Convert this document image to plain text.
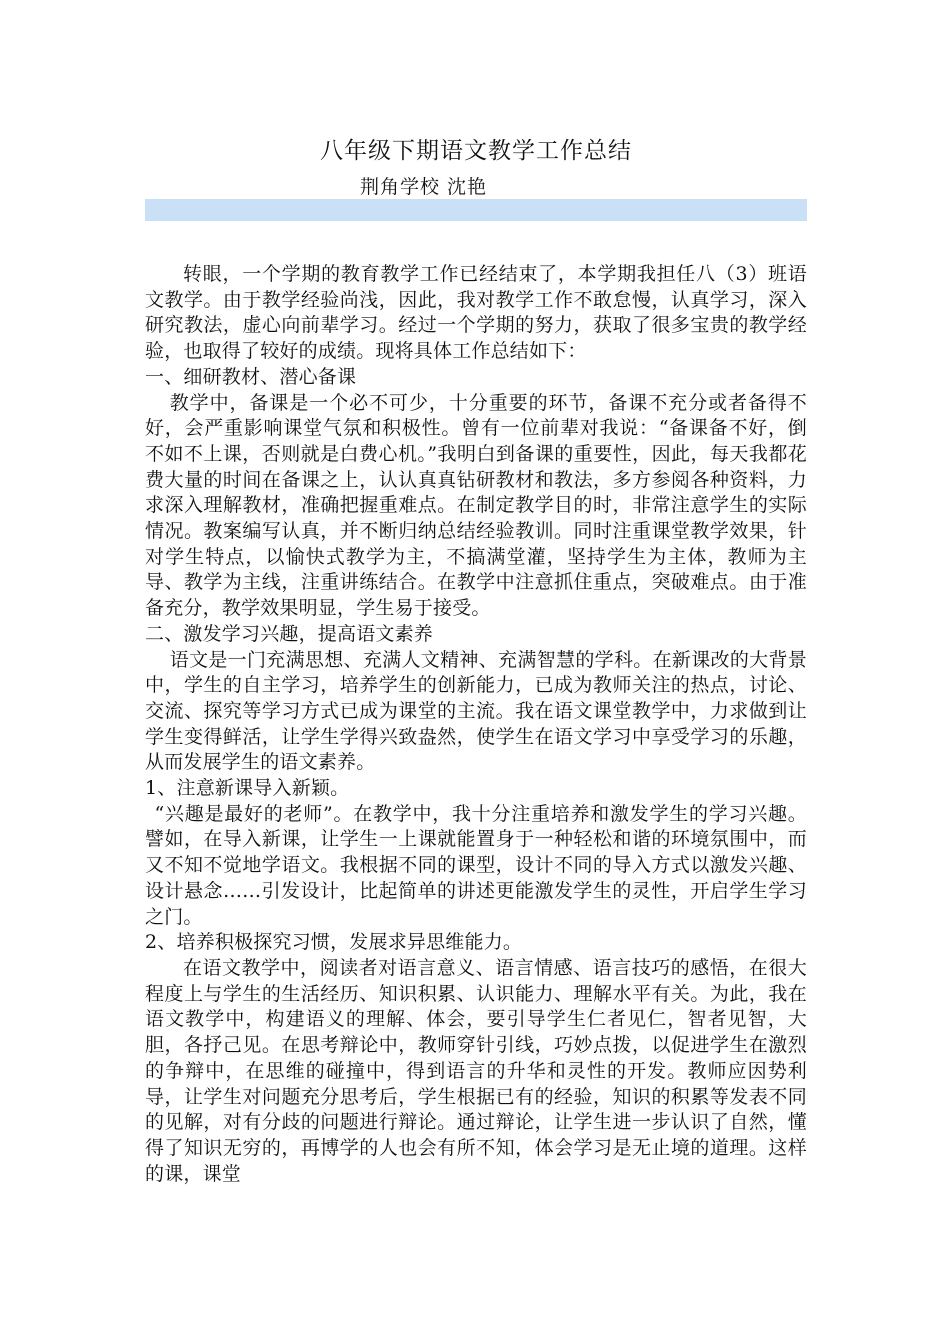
八年级下期语文教学工作总结
荆角学校 沈艳

转眼，一个学期的教育教学工作已经结束了，本学期我担任八（3）班语文教学。由于教学经验尚浅，因此，我对教学工作不敢怠慢，认真学习，深入研究教法，虚心向前辈学习。经过一个学期的努力，获取了很多宝贵的教学经验，也取得了较好的成绩。现将具体工作总结如下：

一、细研教材、潜心备课

教学中，备课是一个必不可少，十分重要的环节，备课不充分或者备得不好，会严重影响课堂气氛和积极性。曾有一位前辈对我说：“备课备不好，倒不如不上课，否则就是白费心机。”我明白到备课的重要性，因此，每天我都花费大量的时间在备课之上，认认真真钻研教材和教法，多方参阅各种资料，力求深入理解教材，准确把握重难点。在制定教学目的时，非常注意学生的实际情况。教案编写认真，并不断归纳总结经验教训。同时注重课堂教学效果，针对学生特点，以愉快式教学为主，不搞满堂灌，坚持学生为主体，教师为主导、教学为主线，注重讲练结合。在教学中注意抓住重点，突破难点。由于准备充分，教学效果明显，学生易于接受。

二、激发学习兴趣，提高语文素养

语文是一门充满思想、充满人文精神、充满智慧的学科。在新课改的大背景中，学生的自主学习，培养学生的创新能力，已成为教师关注的热点，讨论、交流、探究等学习方式已成为课堂的主流。我在语文课堂教学中，力求做到让学生变得鲜活，让学生学得兴致盎然，使学生在语文学习中享受学习的乐趣，从而发展学生的语文素养。

1、注意新课导入新颖。

“兴趣是最好的老师”。在教学中，我十分注重培养和激发学生的学习兴趣。譬如，在导入新课，让学生一上课就能置身于一种轻松和谐的环境氛围中，而又不知不觉地学语文。我根据不同的课型，设计不同的导入方式以激发兴趣、设计悬念……引发设计，比起简单的讲述更能激发学生的灵性，开启学生学习之门。

2、培养积极探究习惯，发展求异思维能力。

在语文教学中，阅读者对语言意义、语言情感、语言技巧的感悟，在很大程度上与学生的生活经历、知识积累、认识能力、理解水平有关。为此，我在语文教学中，构建语义的理解、体会，要引导学生仁者见仁，智者见智，大胆，各抒己见。在思考辩论中，教师穿针引线，巧妙点拨，以促进学生在激烈的争辩中，在思维的碰撞中，得到语言的升华和灵性的开发。教师应因势利导，让学生对问题充分思考后，学生根据已有的经验，知识的积累等发表不同的见解，对有分歧的问题进行辩论。通过辩论，让学生进一步认识了自然，懂得了知识无穷的，再博学的人也会有所不知，体会学习是无止境的道理。这样的课，课堂
